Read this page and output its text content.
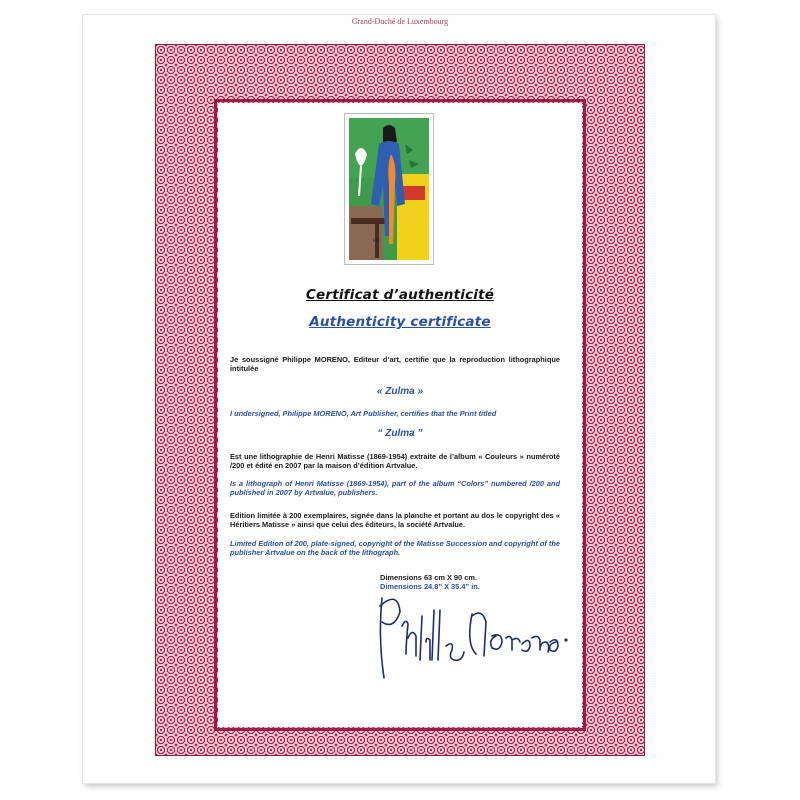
Grand-Duché de Luxembourg
HM
Certificat d’authenticité
Authenticity certificate
Je soussigné Philippe MORENO, Editeur d’art, certifie que la reproduction lithographique intitulée
« Zulma »
I undersigned, Philippe MORENO, Art Publisher, certifies that the Print titled
“ Zulma ”
Est une lithographie de Henri Matisse (1869-1954) extraite de l’album « Couleurs » numéroté /200 et édité en 2007 par la maison d’édition Artvalue.
Is a lithograph of Henri Matisse (1869-1954), part of the album “Colors” numbered /200 and published in 2007 by Artvalue, publishers.
Edition limitée à 200 exemplaires, signée dans la planche et portant au dos le copyright des « Héritiers Matisse » ainsi que celui des éditeurs, la société Artvalue.
Limited Edition of 200, plate-signed, copyright of the Matisse Succession and copyright of the publisher Artvalue on the back of the lithograph.
Dimensions 63 cm X 90 cm.
Dimensions 24.8” X 35.4” in.
